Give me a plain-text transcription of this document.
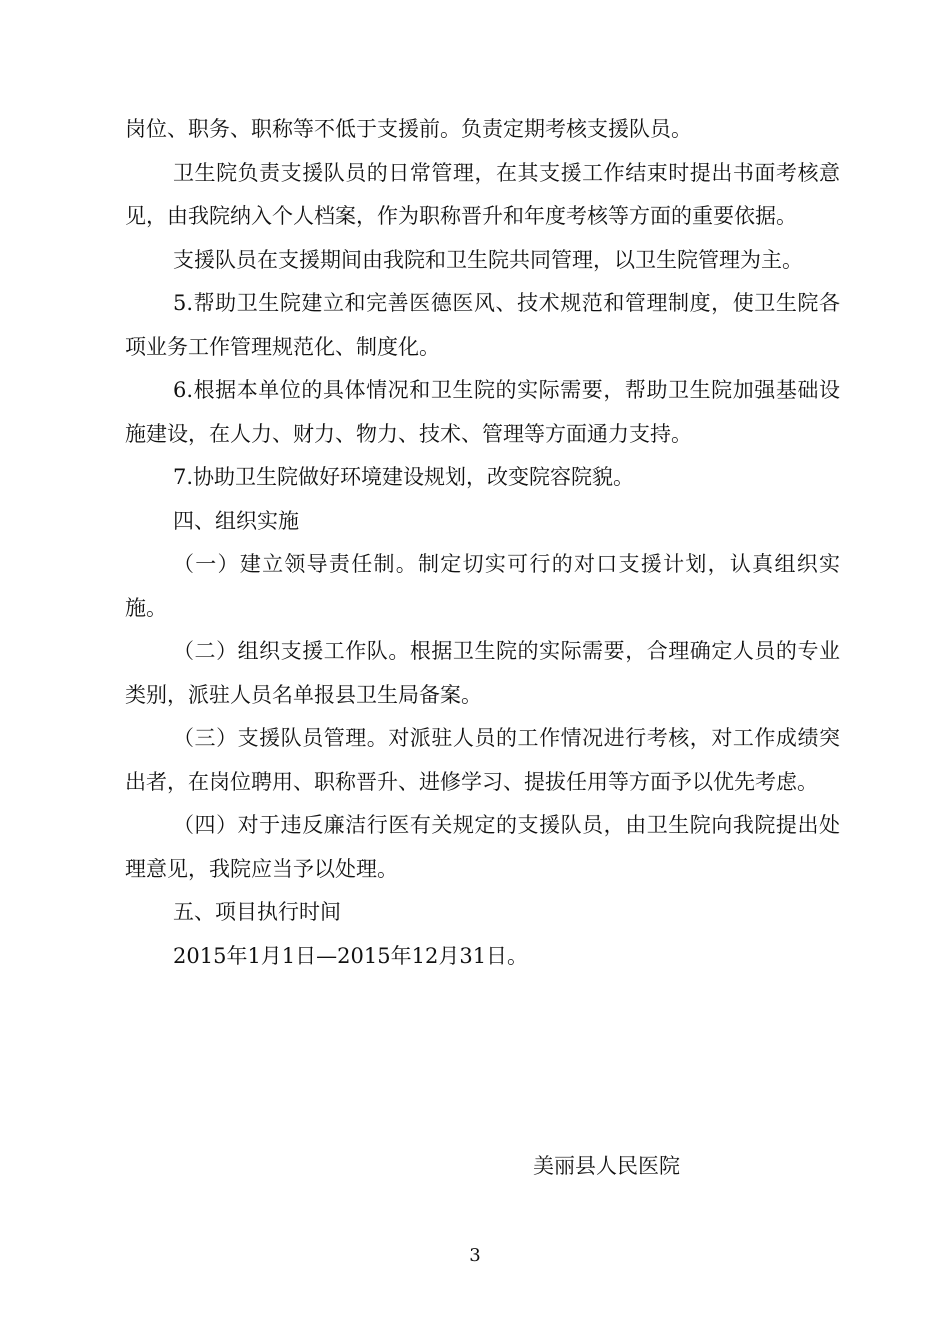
岗位、职务、职称等不低于支援前。负责定期考核支援队员。

卫生院负责支援队员的日常管理，在其支援工作结束时提出书面考核意见，由我院纳入个人档案，作为职称晋升和年度考核等方面的重要依据。

支援队员在支援期间由我院和卫生院共同管理，以卫生院管理为主。

5.帮助卫生院建立和完善医德医风、技术规范和管理制度，使卫生院各项业务工作管理规范化、制度化。

6.根据本单位的具体情况和卫生院的实际需要，帮助卫生院加强基础设施建设，在人力、财力、物力、技术、管理等方面通力支持。

7.协助卫生院做好环境建设规划，改变院容院貌。

四、组织实施

（一）建立领导责任制。制定切实可行的对口支援计划，认真组织实施。

（二）组织支援工作队。根据卫生院的实际需要，合理确定人员的专业类别，派驻人员名单报县卫生局备案。

（三）支援队员管理。对派驻人员的工作情况进行考核，对工作成绩突出者，在岗位聘用、职称晋升、进修学习、提拔任用等方面予以优先考虑。

（四）对于违反廉洁行医有关规定的支援队员，由卫生院向我院提出处理意见，我院应当予以处理。

五、项目执行时间

2015年1月1日—2015年12月31日。

美丽县人民医院
3
